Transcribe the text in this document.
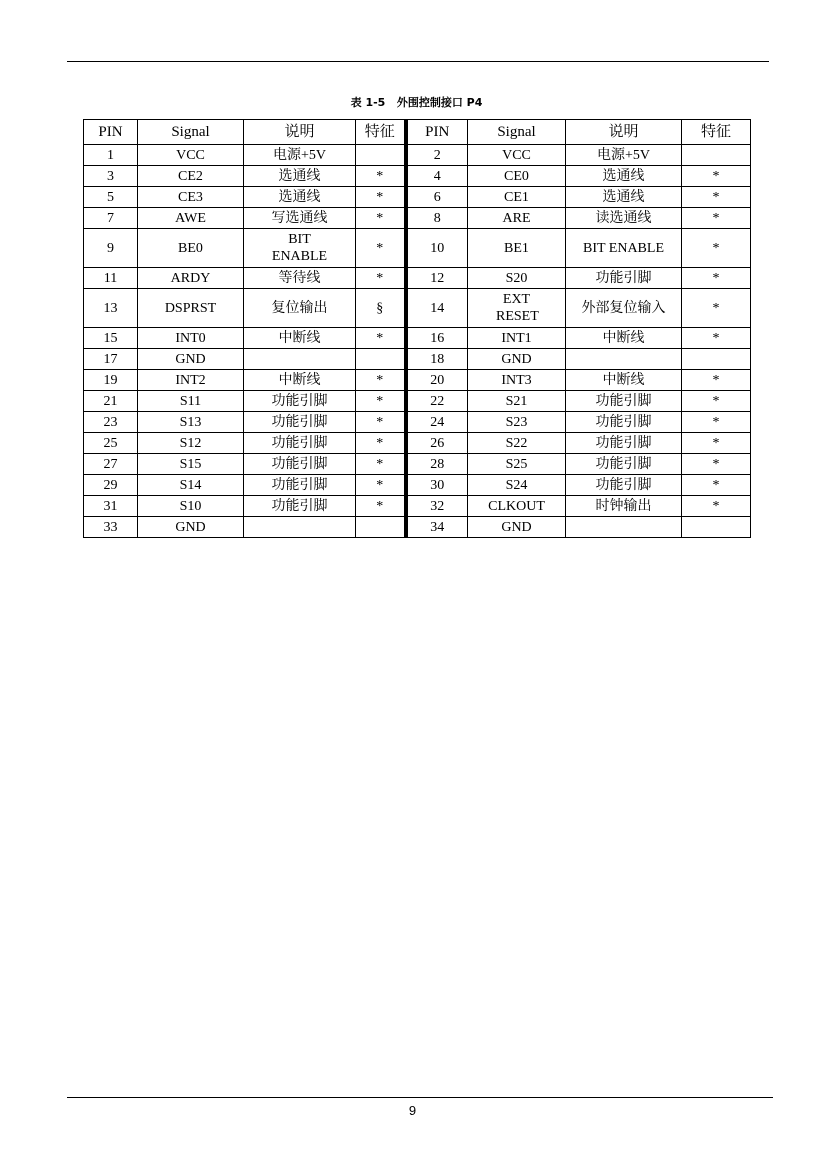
表 1-5   外围控制接口 P4
PIN	Signal	说明	特征	PIN	Signal	说明	特征
1	VCC	电源+5V		2	VCC	电源+5V	
3	CE2	选通线	*	4	CE0	选通线	*
5	CE3	选通线	*	6	CE1	选通线	*
7	AWE	写选通线	*	8	ARE	读选通线	*
9	BE0	BIT ENABLE	*	10	BE1	BIT ENABLE	*
11	ARDY	等待线	*	12	S20	功能引脚	*
13	DSPRST	复位输出	§	14	EXT RESET	外部复位输入	*
15	INT0	中断线	*	16	INT1	中断线	*
17	GND			18	GND		
19	INT2	中断线	*	20	INT3	中断线	*
21	S11	功能引脚	*	22	S21	功能引脚	*
23	S13	功能引脚	*	24	S23	功能引脚	*
25	S12	功能引脚	*	26	S22	功能引脚	*
27	S15	功能引脚	*	28	S25	功能引脚	*
29	S14	功能引脚	*	30	S24	功能引脚	*
31	S10	功能引脚	*	32	CLKOUT	时钟输出	*
33	GND			34	GND		
9
